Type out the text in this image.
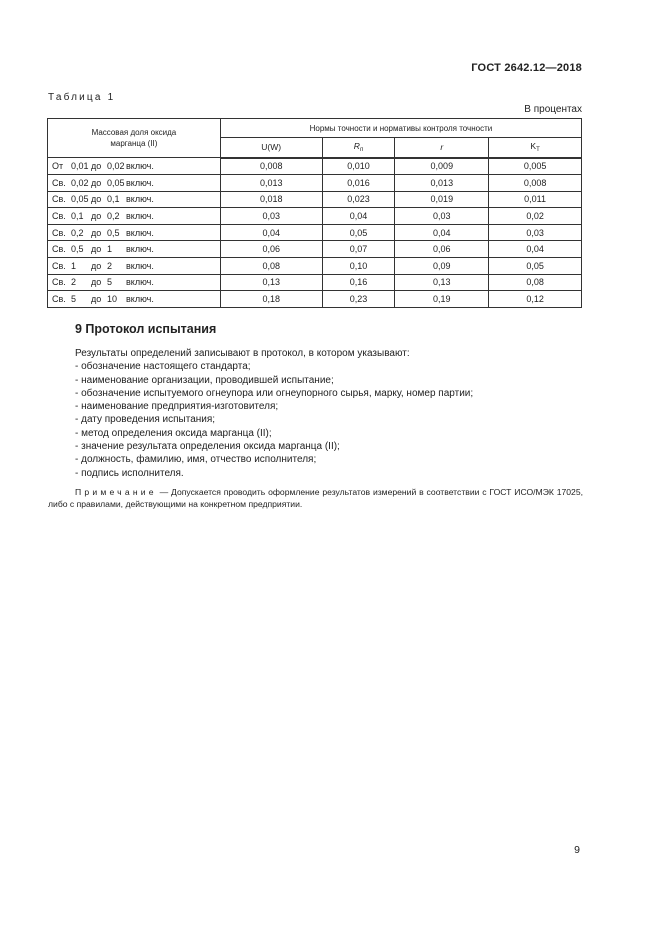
ГОСТ 2642.12—2018
Таблица 1
В процентах
Массовая доля оксида марганца (II)	Нормы точности и нормативы контроля точности			
	U(W)	$R_п$	r	$K_T$
От 0,01 до 0,02включ.	0,008	0,010	0,009	0,005
Св. 0,02 до 0,05включ.	0,013	0,016	0,013	0,008
Св. 0,05 до 0,1 включ.	0,018	0,023	0,019	0,011
Св. 0,1 до 0,2 включ.	0,03	0,04	0,03	0,02
Св. 0,2 до 0,5 включ.	0,04	0,05	0,04	0,03
Св. 0,5 до 1 включ.	0,06	0,07	0,06	0,04
Св. 1 до 2 включ.	0,08	0,10	0,09	0,05
Св. 2 до 5 включ.	0,13	0,16	0,13	0,08
Св. 5 до 10 включ.	0,18	0,23	0,19	0,12
9 Протокол испытания

Результаты определений записывают в протокол, в котором указывают:

- обозначение настоящего стандарта;

- наименование организации, проводившей испытание;

- обозначение испытуемого огнеупора или огнеупорного сырья, марку, номер партии;

- наименование предприятия-изготовителя;

- дату проведения испытания;

- метод определения оксида марганца (II);

- значение результата определения оксида марганца (II);

- должность, фамилию, имя, отчество исполнителя;

- подпись исполнителя.

Примечание — Допускается проводить оформление результатов измерений в соответствии с ГОСТ ИСО/МЭК 17025, либо с правилами, действующими на конкретном предприятии.
9
